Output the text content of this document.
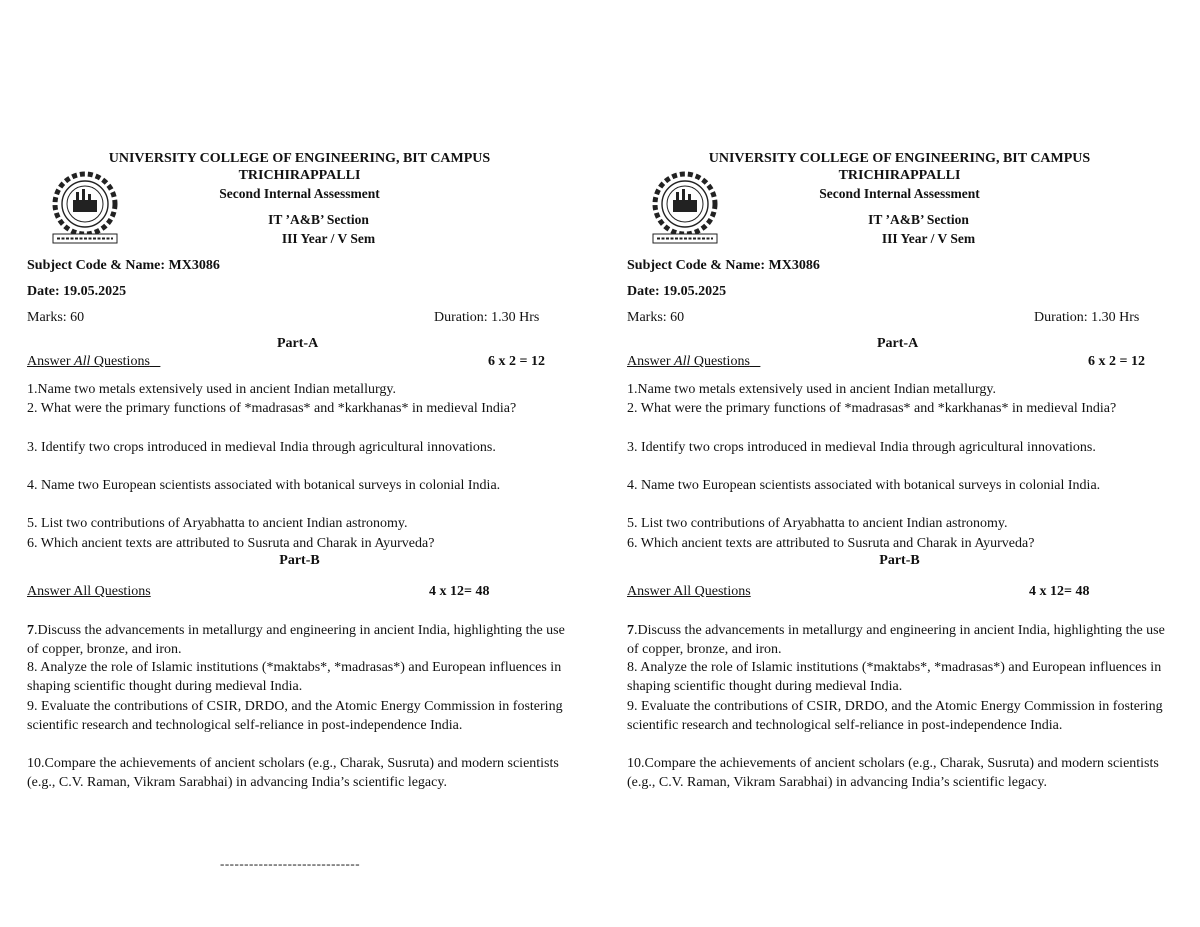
UNIVERSITY COLLEGE OF ENGINEERING, BIT CAMPUS
TRICHIRAPPALLI
Second Internal Assessment
IT ’A&B’ Section
III Year / V Sem
Subject Code & Name: MX3086
Date: 19.05.2025
Marks: 60	Duration: 1.30 Hrs
Part-A
Answer All Questions	6 x 2 = 12
1.Name two metals extensively used in ancient Indian metallurgy.
2. What were the primary functions of *madrasas* and *karkhanas* in medieval India?
3. Identify two crops introduced in medieval India through agricultural innovations.
4. Name two European scientists associated with botanical surveys in colonial India.
5. List two contributions of Aryabhatta to ancient Indian astronomy.
6. Which ancient texts are attributed to Susruta and Charak in Ayurveda?
Part-B
Answer All Questions	4 x 12= 48
7.Discuss the advancements in metallurgy and engineering in ancient India, highlighting the use of copper, bronze, and iron.
8. Analyze the role of Islamic institutions (*maktabs*, *madrasas*) and European influences in shaping scientific thought during medieval India.
9. Evaluate the contributions of CSIR, DRDO, and the Atomic Energy Commission in fostering scientific research and technological self-reliance in post-independence India.
10.Compare the achievements of ancient scholars (e.g., Charak, Susruta) and modern scientists (e.g., C.V. Raman, Vikram Sarabhai) in advancing India’s scientific legacy.
UNIVERSITY COLLEGE OF ENGINEERING, BIT CAMPUS
TRICHIRAPPALLI
Second Internal Assessment
IT ’A&B’ Section
III Year / V Sem
Subject Code & Name: MX3086
Date: 19.05.2025
Marks: 60	Duration: 1.30 Hrs
Part-A
Answer All Questions	6 x 2 = 12
1.Name two metals extensively used in ancient Indian metallurgy.
2. What were the primary functions of *madrasas* and *karkhanas* in medieval India?
3. Identify two crops introduced in medieval India through agricultural innovations.
4. Name two European scientists associated with botanical surveys in colonial India.
5. List two contributions of Aryabhatta to ancient Indian astronomy.
6. Which ancient texts are attributed to Susruta and Charak in Ayurveda?
Part-B
Answer All Questions	4 x 12= 48
7.Discuss the advancements in metallurgy and engineering in ancient India, highlighting the use of copper, bronze, and iron.
8. Analyze the role of Islamic institutions (*maktabs*, *madrasas*) and European influences in shaping scientific thought during medieval India.
9. Evaluate the contributions of CSIR, DRDO, and the Atomic Energy Commission in fostering scientific research and technological self-reliance in post-independence India.
10.Compare the achievements of ancient scholars (e.g., Charak, Susruta) and modern scientists (e.g., C.V. Raman, Vikram Sarabhai) in advancing India’s scientific legacy.
-----------------------------
